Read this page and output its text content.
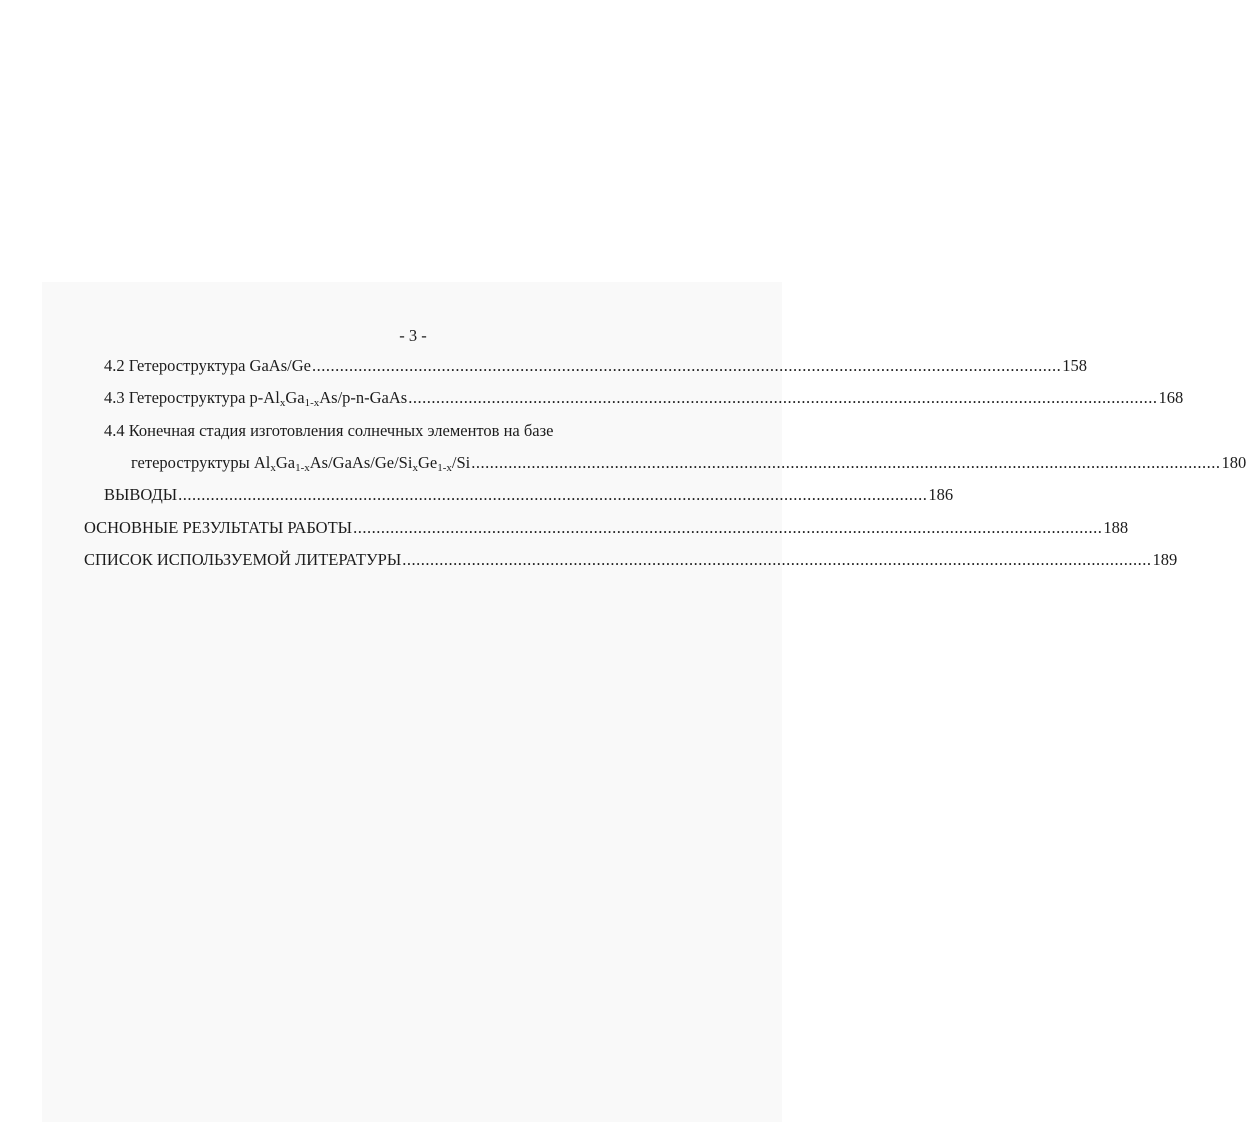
- 3 -
4.2 Гетероструктура GaAs/Ge .................................................................................................................................................................. 158
4.3 Гетероструктура $p-Al_xGa_{1-x}As/p-n$-GaAs .................................................................................................................................................................. 168
4.4 Конечная стадия изготовления солнечных элементов на базе
гетероструктуры $Al_xGa_{1-x}As/GaAs/Ge/Si_xGe_{1-x}/Si$ .................................................................................................................................................................. 180
ВЫВОДЫ .................................................................................................................................................................. 186
ОСНОВНЫЕ РЕЗУЛЬТАТЫ РАБОТЫ .................................................................................................................................................................. 188
СПИСОК ИСПОЛЬЗУЕМОЙ ЛИТЕРАТУРЫ .................................................................................................................................................................. 189
